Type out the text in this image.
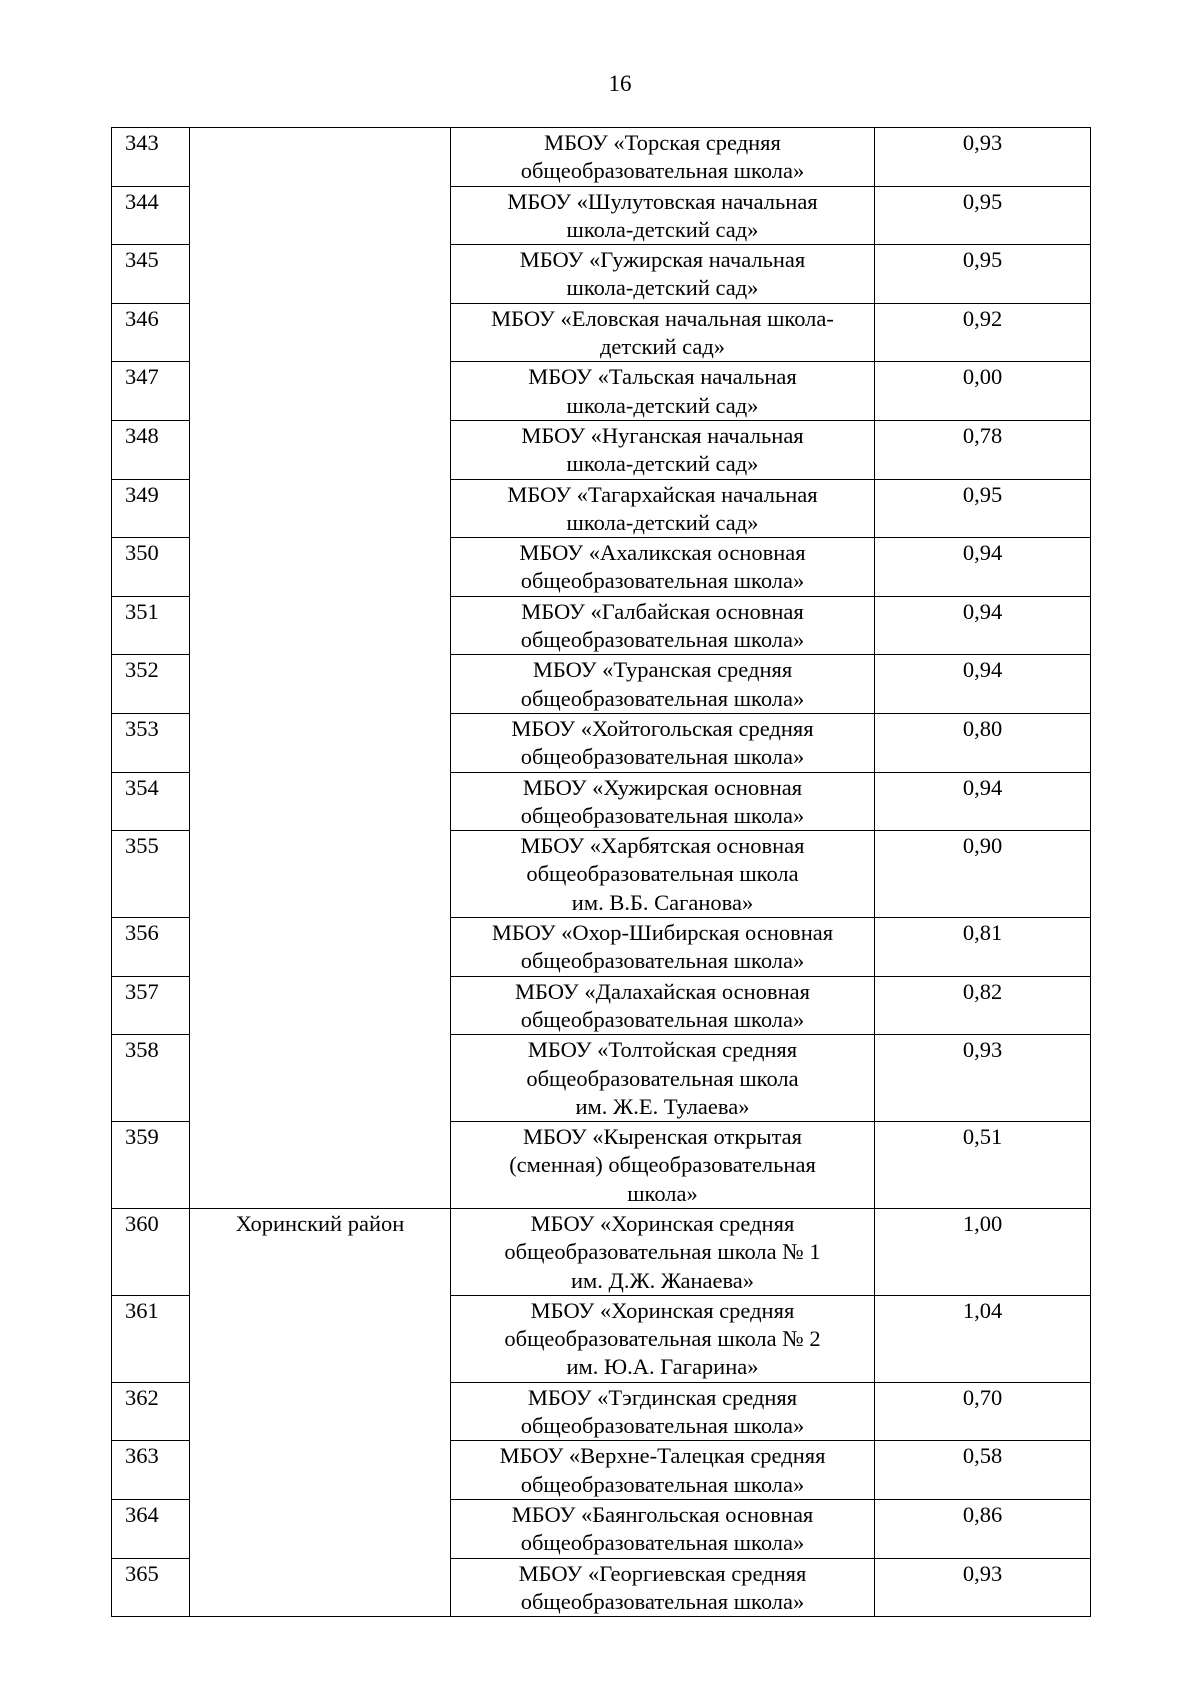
16
343		МБОУ «Торская средняя
общеобразовательная школа»	0,93
344		МБОУ «Шулутовская начальная
школа-детский сад»	0,95
345		МБОУ «Гужирская начальная
школа-детский сад»	0,95
346		МБОУ «Еловская начальная школа-
детский сад»	0,92
347		МБОУ «Тальская начальная
школа-детский сад»	0,00
348		МБОУ «Нуганская начальная
школа-детский сад»	0,78
349		МБОУ «Тагархайская начальная
школа-детский сад»	0,95
350		МБОУ «Ахаликская основная
общеобразовательная школа»	0,94
351		МБОУ «Галбайская основная
общеобразовательная школа»	0,94
352		МБОУ «Туранская средняя
общеобразовательная школа»	0,94
353		МБОУ «Хойтогольская средняя
общеобразовательная школа»	0,80
354		МБОУ «Хужирская основная
общеобразовательная школа»	0,94
355		МБОУ «Харбятская основная
общеобразовательная школа
им. В.Б. Саганова»	0,90
356		МБОУ «Охор-Шибирская основная
общеобразовательная школа»	0,81
357		МБОУ «Далахайская основная
общеобразовательная школа»	0,82
358		МБОУ «Толтойская средняя
общеобразовательная школа
им. Ж.Е. Тулаева»	0,93
359		МБОУ «Кыренская открытая
(сменная) общеобразовательная
школа»	0,51
360	Хоринский район	МБОУ «Хоринская средняя
общеобразовательная школа № 1
им. Д.Ж. Жанаева»	1,00
361		МБОУ «Хоринская средняя
общеобразовательная школа № 2
им. Ю.А. Гагарина»	1,04
362		МБОУ «Тэгдинская средняя
общеобразовательная школа»	0,70
363		МБОУ «Верхне-Талецкая средняя
общеобразовательная школа»	0,58
364		МБОУ «Баянгольская основная
общеобразовательная школа»	0,86
365		МБОУ «Георгиевская средняя
общеобразовательная школа»	0,93
